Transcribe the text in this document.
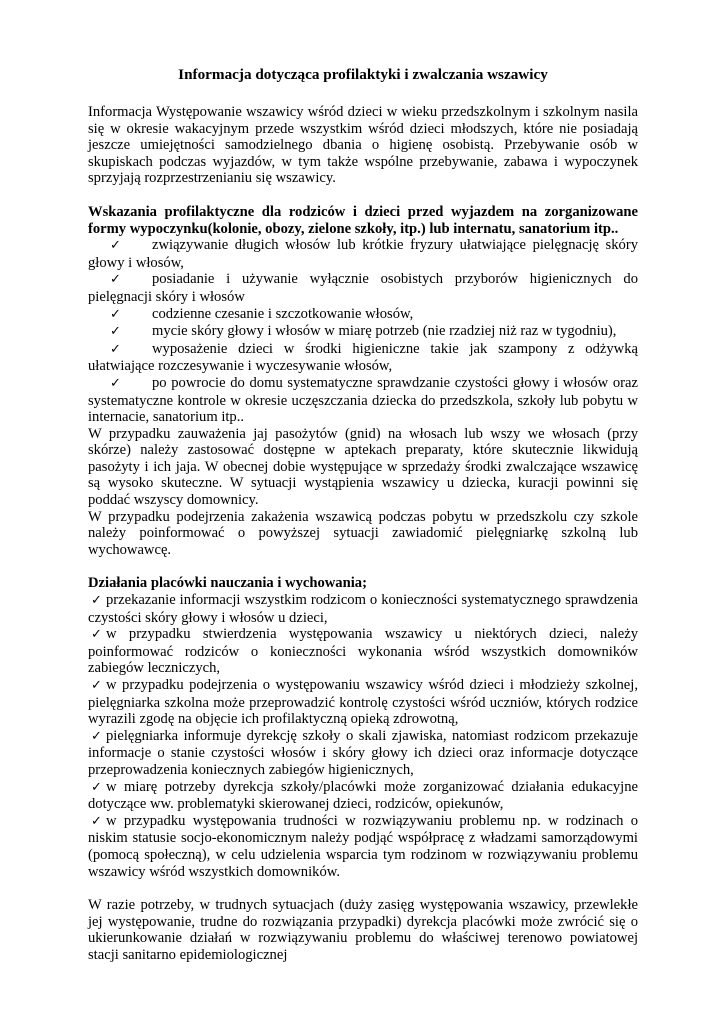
Informacja dotycząca profilaktyki i zwalczania wszawicy

Informacja Występowanie wszawicy wśród dzieci w wieku przedszkolnym i szkolnym nasila się w okresie wakacyjnym przede wszystkim wśród dzieci młodszych, które nie posiadają jeszcze umiejętności samodzielnego dbania o higienę osobistą. Przebywanie osób w skupiskach podczas wyjazdów, w tym także wspólne przebywanie, zabawa i wypoczynek sprzyjają rozprzestrzenianiu się wszawicy.

Wskazania profilaktyczne dla rodziców i dzieci przed wyjazdem na zorganizowane formy wypoczynku(kolonie, obozy, zielone szkoły, itp.) lub internatu, sanatorium itp..

✓ związywanie długich włosów lub krótkie fryzury ułatwiające pielęgnację skóry głowy i włosów,

✓ posiadanie i używanie wyłącznie osobistych przyborów higienicznych do pielęgnacji skóry i włosów

✓ codzienne czesanie i szczotkowanie włosów,

✓ mycie skóry głowy i włosów w miarę potrzeb (nie rzadziej niż raz w tygodniu),

✓ wyposażenie dzieci w środki higieniczne takie jak szampony z odżywką ułatwiające rozczesywanie i wyczesywanie włosów,

✓ po powrocie do domu systematyczne sprawdzanie czystości głowy i włosów oraz systematyczne kontrole w okresie uczęszczania dziecka do przedszkola, szkoły lub pobytu w internacie, sanatorium itp..

W przypadku zauważenia jaj pasożytów (gnid) na włosach lub wszy we włosach (przy skórze) należy zastosować dostępne w aptekach preparaty, które skutecznie likwidują pasożyty i ich jaja. W obecnej dobie występujące w sprzedaży środki zwalczające wszawicę są wysoko skuteczne. W sytuacji wystąpienia wszawicy u dziecka, kuracji powinni się poddać wszyscy domownicy.

W przypadku podejrzenia zakażenia wszawicą podczas pobytu w przedszkolu czy szkole należy poinformować o powyższej sytuacji zawiadomić pielęgniarkę szkolną lub wychowawcę.

Działania placówki nauczania i wychowania;

✓ przekazanie informacji wszystkim rodzicom o konieczności systematycznego sprawdzenia czystości skóry głowy i włosów u dzieci,

✓ w przypadku stwierdzenia występowania wszawicy u niektórych dzieci, należy poinformować rodziców o konieczności wykonania wśród wszystkich domowników zabiegów leczniczych,

✓ w przypadku podejrzenia o występowaniu wszawicy wśród dzieci i młodzieży szkolnej, pielęgniarka szkolna może przeprowadzić kontrolę czystości wśród uczniów, których rodzice wyrazili zgodę na objęcie ich profilaktyczną opieką zdrowotną,

✓ pielęgniarka informuje dyrekcję szkoły o skali zjawiska, natomiast rodzicom przekazuje informacje o stanie czystości włosów i skóry głowy ich dzieci oraz informacje dotyczące przeprowadzenia koniecznych zabiegów higienicznych,

✓ w miarę potrzeby dyrekcja szkoły/placówki może zorganizować działania edukacyjne dotyczące ww. problematyki skierowanej dzieci, rodziców, opiekunów,

✓ w przypadku występowania trudności w rozwiązywaniu problemu np. w rodzinach o niskim statusie socjo-ekonomicznym należy podjąć współpracę z władzami samorządowymi (pomocą społeczną), w celu udzielenia wsparcia tym rodzinom w rozwiązywaniu problemu wszawicy wśród wszystkich domowników.

W razie potrzeby, w trudnych sytuacjach (duży zasięg występowania wszawicy, przewlekłe jej występowanie, trudne do rozwiązania przypadki) dyrekcja placówki może zwrócić się o ukierunkowanie działań w rozwiązywaniu problemu do właściwej terenowo powiatowej stacji sanitarno epidemiologicznej
